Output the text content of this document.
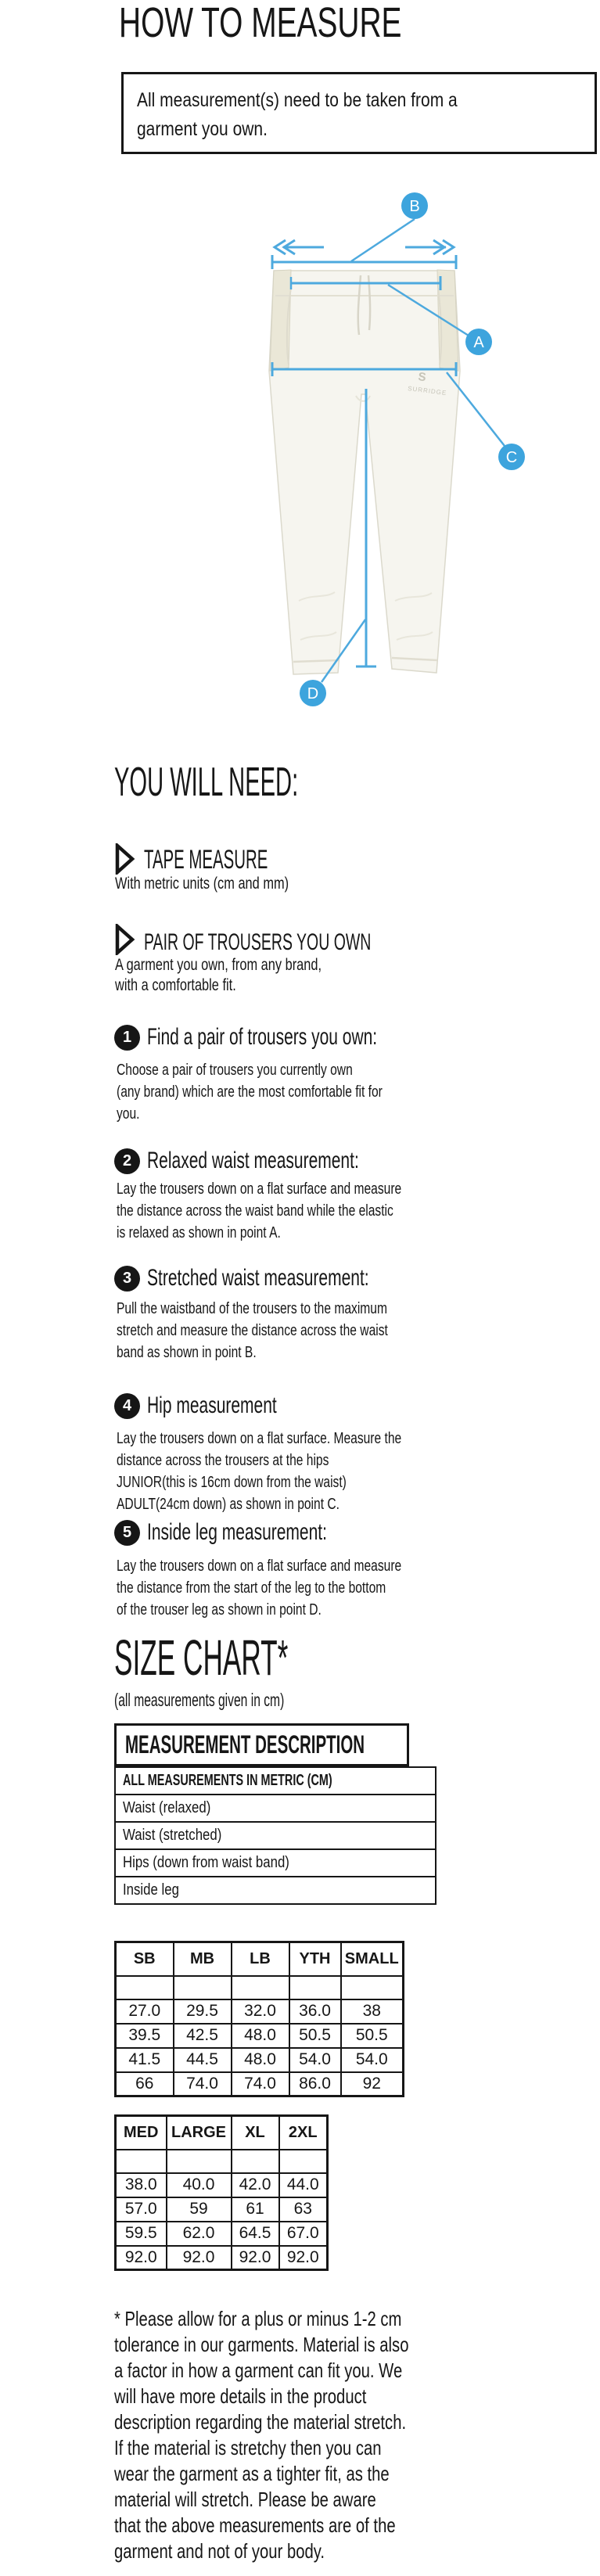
HOW TO MEASURE
All measurement(s) need to be taken from a
garment you own.
S
SURRIDGE
B
A
C
D
YOU WILL NEED:
TAPE MEASURE
With metric units (cm and mm)
PAIR OF TROUSERS YOU OWN
A garment you own, from any brand,
with a comfortable fit.
1 Find a pair of trousers you own:
Choose a pair of trousers you currently own
(any brand) which are the most comfortable fit for
you.
2 Relaxed waist measurement:
Lay the trousers down on a flat surface and measure
the distance across the waist band while the elastic
is relaxed as shown in point A.
3 Stretched waist measurement:
Pull the waistband of the trousers to the maximum
stretch and measure the distance across the waist
band as shown in point B.
4 Hip measurement
Lay the trousers down on a flat surface. Measure the
distance across the trousers at the hips
JUNIOR(this is 16cm down from the waist)
ADULT(24cm down) as shown in point C.
5 Inside leg measurement:
Lay the trousers down on a flat surface and measure
the distance from the start of the leg to the bottom
of the trouser leg as shown in point D.
SIZE CHART*
(all measurements given in cm)
MEASUREMENT DESCRIPTION
ALL MEASUREMENTS IN METRIC (CM)
Waist (relaxed)
Waist (stretched)
Hips (down from waist band)
Inside leg
SB	MB	LB	YTH	SMALL

27.0	29.5	32.0	36.0	38
39.5	42.5	48.0	50.5	50.5
41.5	44.5	48.0	54.0	54.0
66	74.0	74.0	86.0	92
MED	LARGE	XL	2XL

38.0	40.0	42.0	44.0
57.0	59	61	63
59.5	62.0	64.5	67.0
92.0	92.0	92.0	92.0
* Please allow for a plus or minus 1-2 cm
tolerance in our garments. Material is also
a factor in how a garment can fit you. We
will have more details in the product
description regarding the material stretch.
If the material is stretchy then you can
wear the garment as a tighter fit, as the
material will stretch. Please be aware
that the above measurements are of the
garment and not of your body.
